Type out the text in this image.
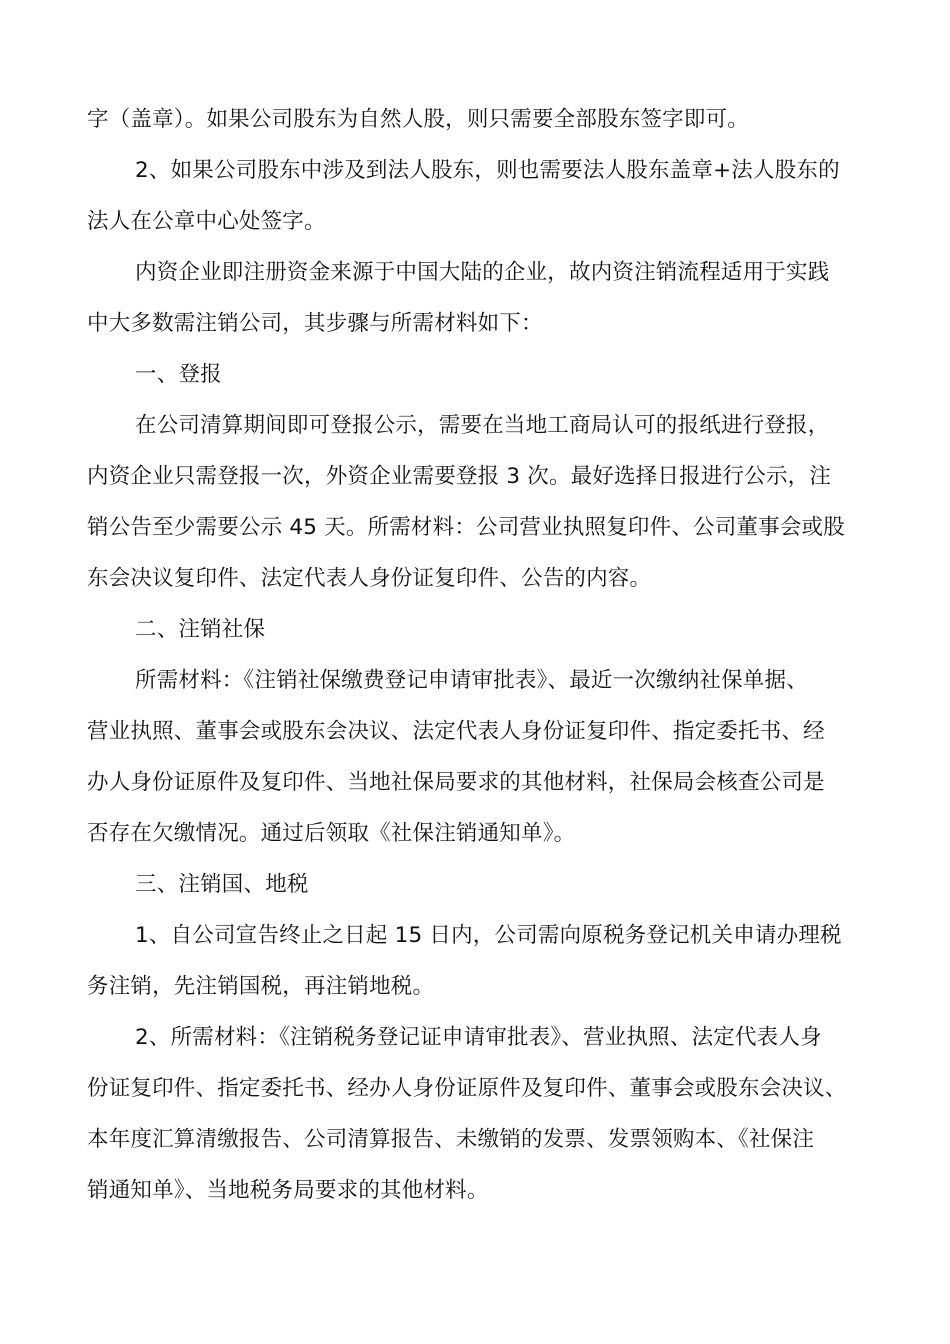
字（盖章）。如果公司股东为自然人股，则只需要全部股东签字即可。
2、如果公司股东中涉及到法人股东，则也需要法人股东盖章+法人股东的
法人在公章中心处签字。
内资企业即注册资金来源于中国大陆的企业，故内资注销流程适用于实践
中大多数需注销公司，其步骤与所需材料如下：
一、登报
在公司清算期间即可登报公示，需要在当地工商局认可的报纸进行登报，
内资企业只需登报一次，外资企业需要登报 3 次。最好选择日报进行公示，注
销公告至少需要公示 45 天。所需材料：公司营业执照复印件、公司董事会或股
东会决议复印件、法定代表人身份证复印件、公告的内容。
二、注销社保
所需材料：《注销社保缴费登记申请审批表》、最近一次缴纳社保单据、
营业执照、董事会或股东会决议、法定代表人身份证复印件、指定委托书、经
办人身份证原件及复印件、当地社保局要求的其他材料，社保局会核查公司是
否存在欠缴情况。通过后领取《社保注销通知单》。
三、注销国、地税
1、自公司宣告终止之日起 15 日内，公司需向原税务登记机关申请办理税
务注销，先注销国税，再注销地税。
2、所需材料：《注销税务登记证申请审批表》、营业执照、法定代表人身
份证复印件、指定委托书、经办人身份证原件及复印件、董事会或股东会决议、
本年度汇算清缴报告、公司清算报告、未缴销的发票、发票领购本、《社保注
销通知单》、当地税务局要求的其他材料。
